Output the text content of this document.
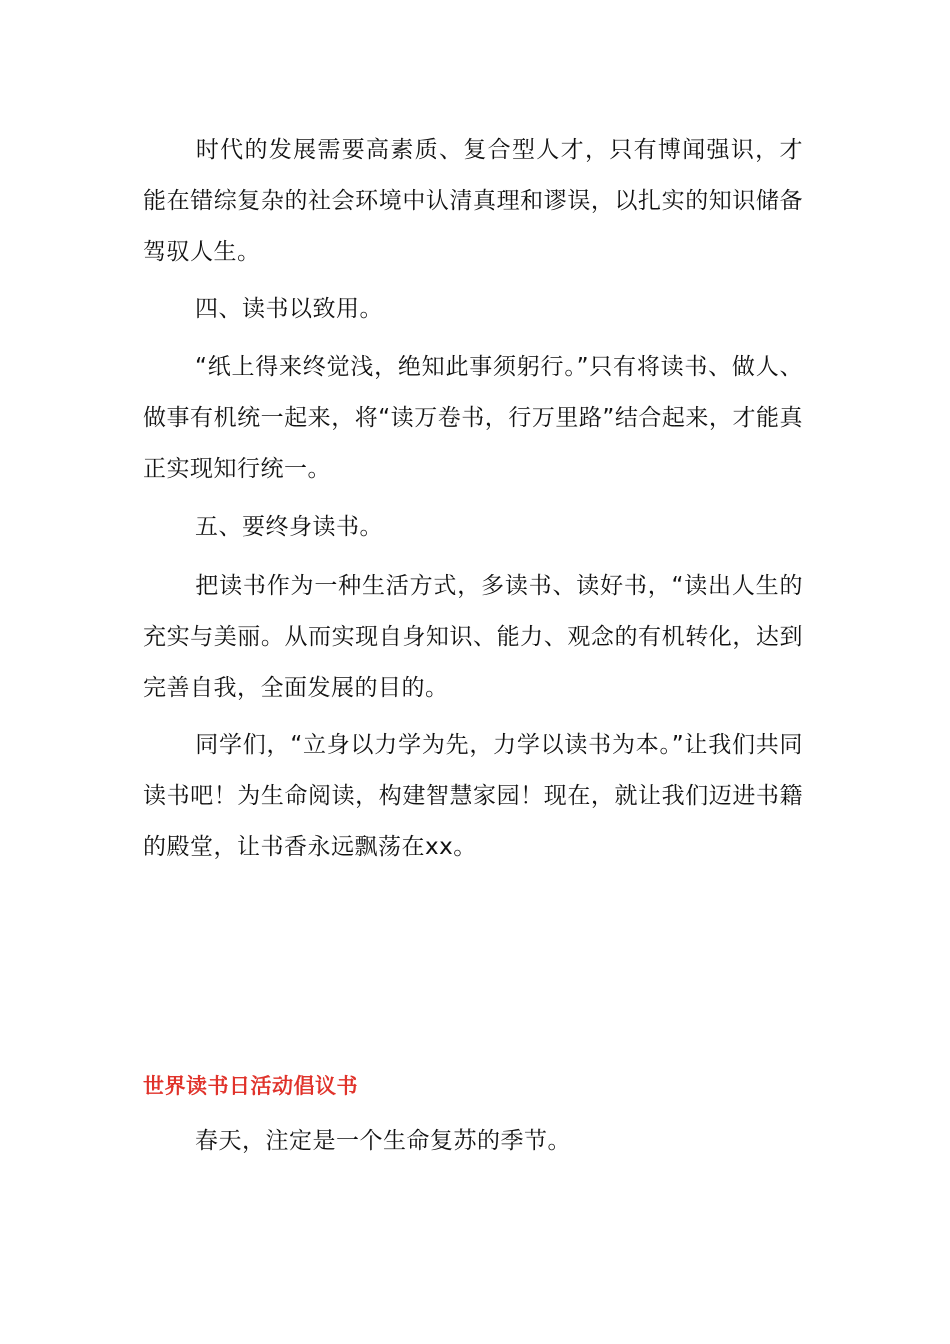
时代的发展需要高素质、复合型人才，只有博闻强识，才能在错综复杂的社会环境中认清真理和谬误，以扎实的知识储备驾驭人生。

四、读书以致用。

“纸上得来终觉浅，绝知此事须躬行。”只有将读书、做人、做事有机统一起来，将“读万卷书，行万里路”结合起来，才能真正实现知行统一。

五、要终身读书。

把读书作为一种生活方式，多读书、读好书，“读出人生的充实与美丽。从而实现自身知识、能力、观念的有机转化，达到完善自我，全面发展的目的。

同学们，“立身以力学为先，力学以读书为本。”让我们共同读书吧！为生命阅读，构建智慧家园！现在，就让我们迈进书籍的殿堂，让书香永远飘荡在xx。

世界读书日活动倡议书

春天，注定是一个生命复苏的季节。
